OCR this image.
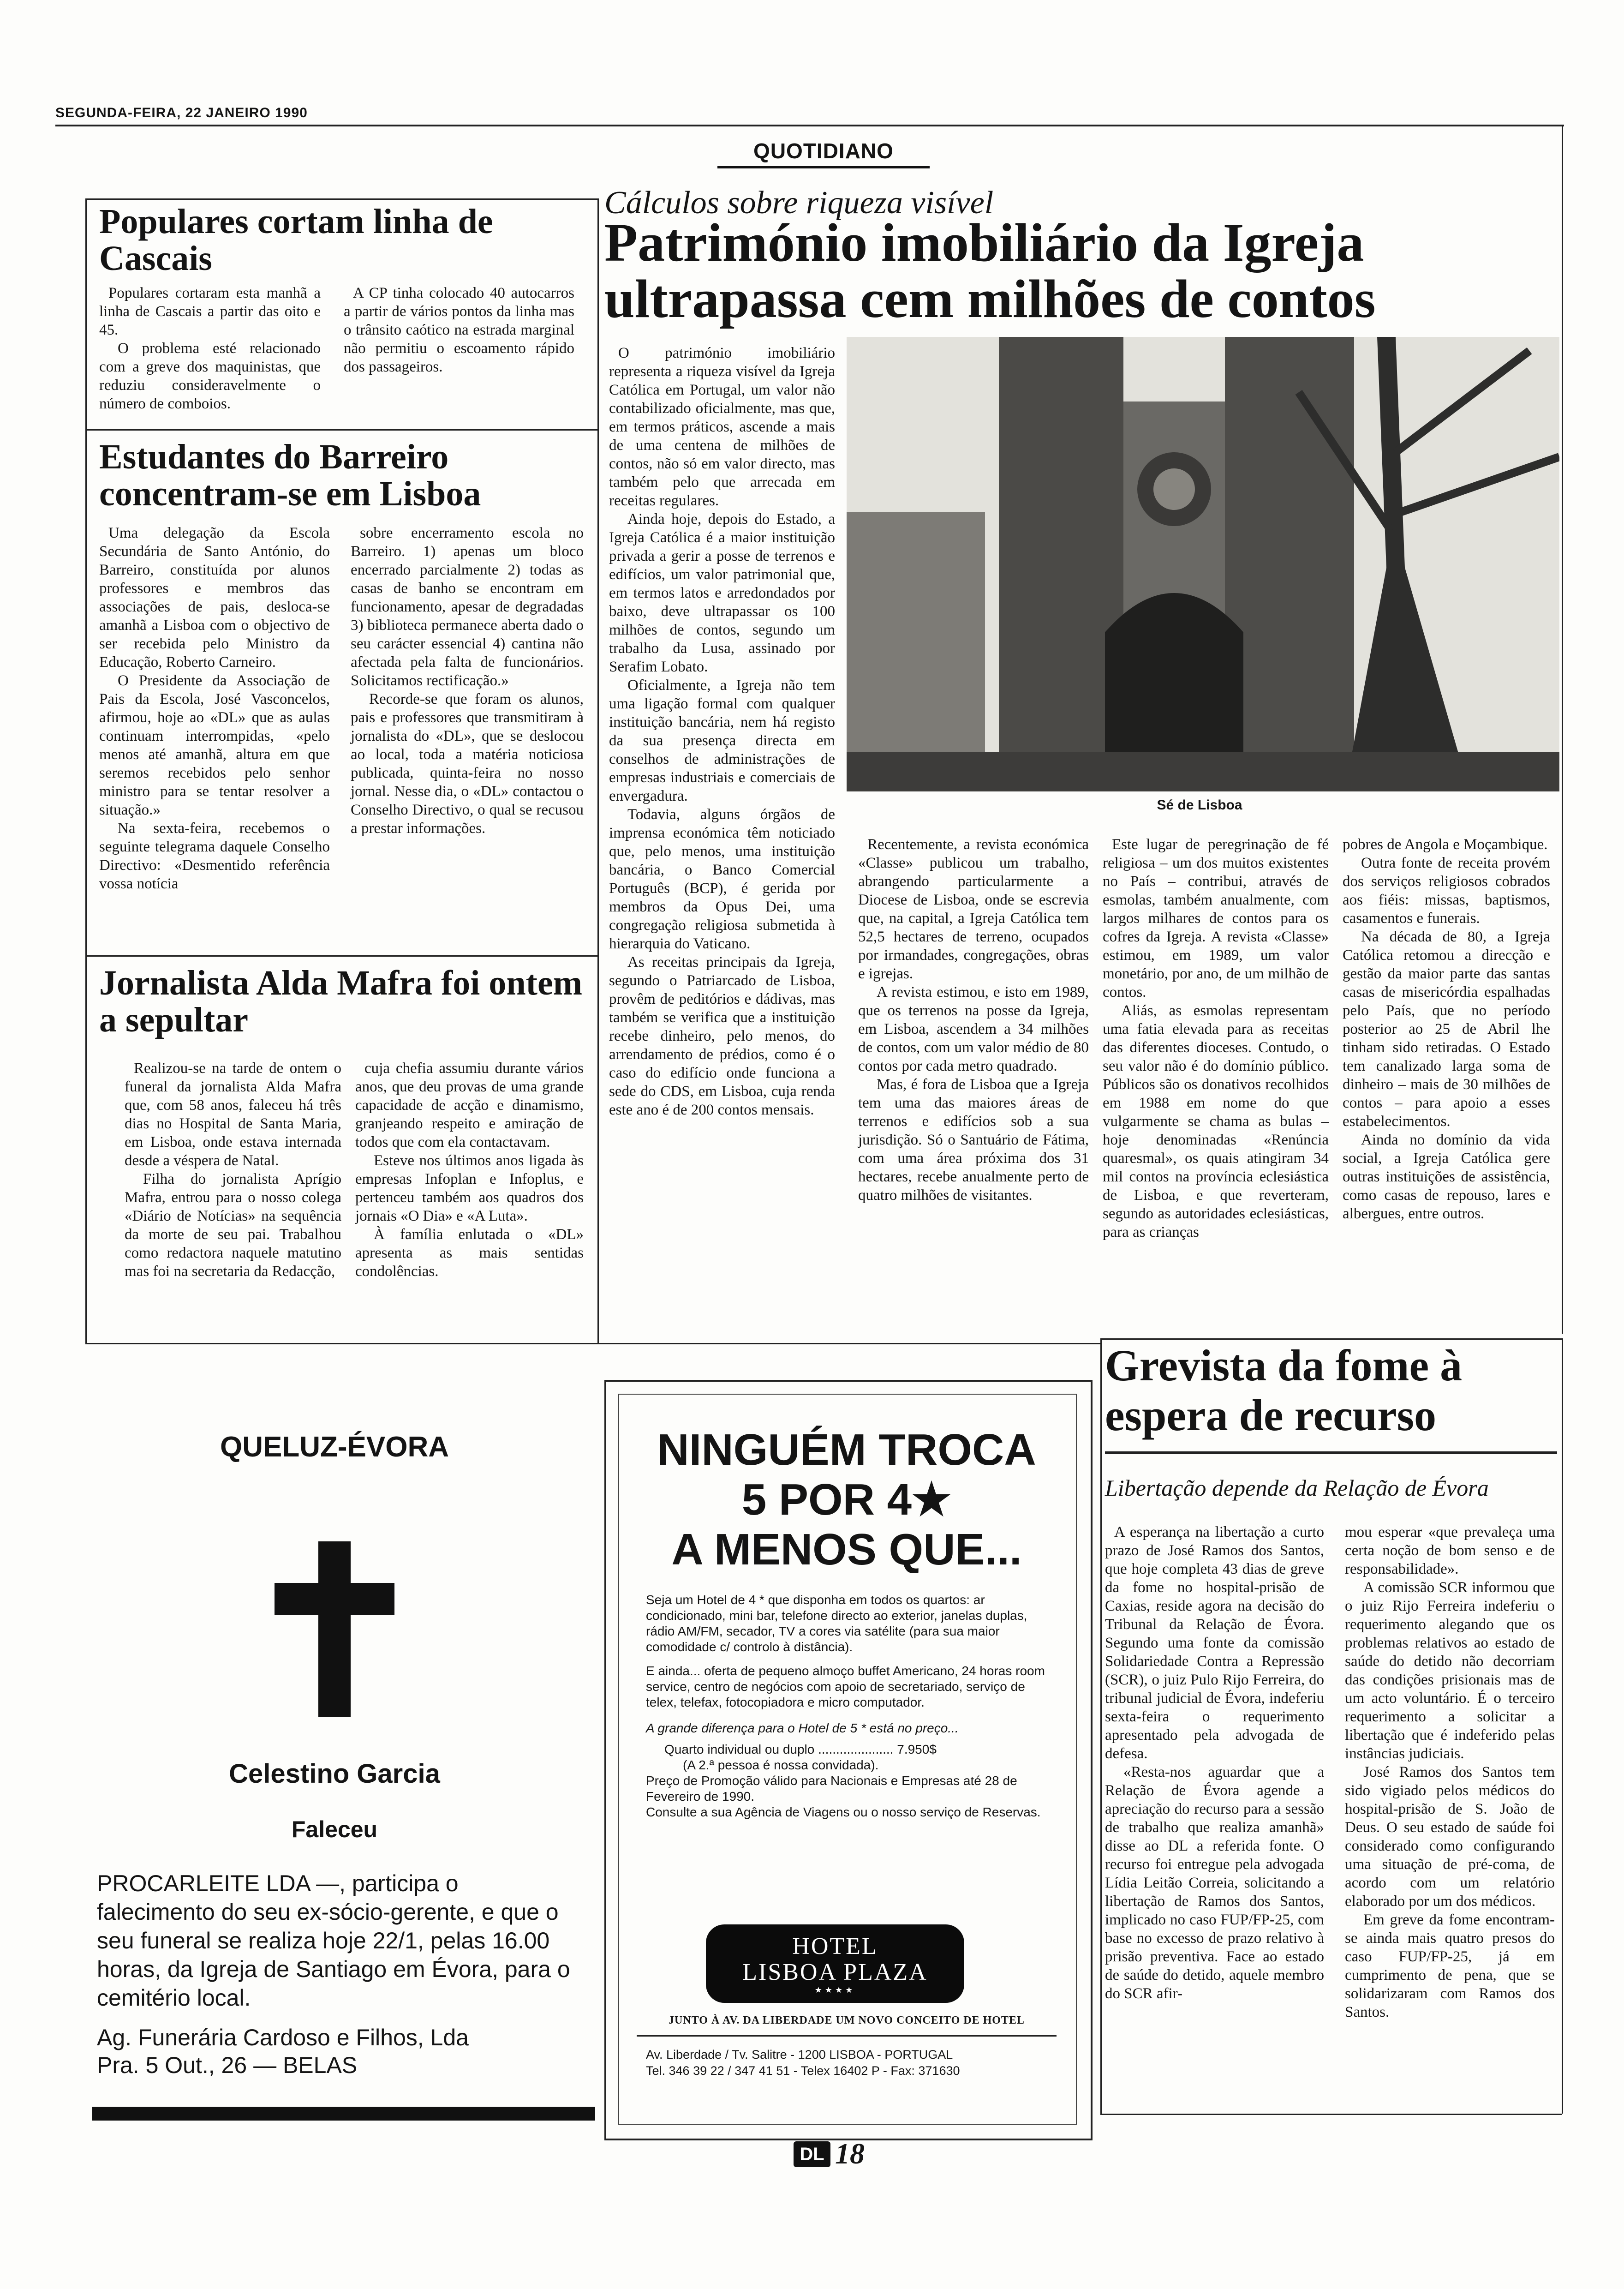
SEGUNDA-FEIRA, 22 JANEIRO 1990
QUOTIDIANO
Populares cortam linha de Cascais

Populares cortaram esta manhã a linha de Cascais a partir das oito e 45.

O problema esté relacionado com a greve dos maquinistas, que reduziu consideravelmente o número de comboios.

A CP tinha colocado 40 autocarros a partir de vários pontos da linha mas o trânsito caótico na estrada marginal não permitiu o escoamento rápido dos passageiros.

Estudantes do Barreiro concentram-se em Lisboa

Uma delegação da Escola Secundária de Santo António, do Barreiro, constituída por alunos professores e membros das associações de pais, desloca-se amanhã a Lisboa com o objectivo de ser recebida pelo Ministro da Educação, Roberto Carneiro.

O Presidente da Associação de Pais da Escola, José Vasconcelos, afirmou, hoje ao «DL» que as aulas continuam interrompidas, «pelo menos até amanhã, altura em que seremos recebidos pelo senhor ministro para se tentar resolver a situação.»

Na sexta-feira, recebemos o seguinte telegrama daquele Conselho Directivo: «Desmentido referência vossa notícia

sobre encerramento escola no Barreiro. 1) apenas um bloco encerrado parcialmente 2) todas as casas de banho se encontram em funcionamento, apesar de degradadas 3) biblioteca permanece aberta dado o seu carácter essencial 4) cantina não afectada pela falta de funcionários. Solicitamos rectificação.»

Recorde-se que foram os alunos, pais e professores que transmitiram à jornalista do «DL», que se deslocou ao local, toda a matéria noticiosa publicada, quinta-feira no nosso jornal. Nesse dia, o «DL» contactou o Conselho Directivo, o qual se recusou a prestar informações.

Jornalista Alda Mafra foi ontem a sepultar

Realizou-se na tarde de ontem o funeral da jornalista Alda Mafra que, com 58 anos, faleceu há três dias no Hospital de Santa Maria, em Lisboa, onde estava internada desde a véspera de Natal.

Filha do jornalista Aprígio Mafra, entrou para o nosso colega «Diário de Notícias» na sequência da morte de seu pai. Trabalhou como redactora naquele matutino mas foi na secretaria da Redacção,

cuja chefia assumiu durante vários anos, que deu provas de uma grande capacidade de acção e dinamismo, granjeando respeito e amiração de todos que com ela contactavam.

Esteve nos últimos anos ligada às empresas Infoplan e Infoplus, e pertenceu também aos quadros dos jornais «O Dia» e «A Luta».

À família enlutada o «DL» apresenta as mais sentidas condolências.

Cálculos sobre riqueza visível
Património imobiliário da Igreja ultrapassa cem milhões de contos

O património imobiliário representa a riqueza visível da Igreja Católica em Portugal, um valor não contabilizado oficialmente, mas que, em termos práticos, ascende a mais de uma centena de milhões de contos, não só em valor directo, mas também pelo que arrecada em receitas regulares.

Ainda hoje, depois do Estado, a Igreja Católica é a maior instituição privada a gerir a posse de terrenos e edifícios, um valor patrimonial que, em termos latos e arredondados por baixo, deve ultrapassar os 100 milhões de contos, segundo um trabalho da Lusa, assinado por Serafim Lobato.

Oficialmente, a Igreja não tem uma ligação formal com qualquer instituição bancária, nem há registo da sua presença directa em conselhos de administrações de empresas industriais e comerciais de envergadura.

Todavia, alguns órgãos de imprensa económica têm noticiado que, pelo menos, uma instituição bancária, o Banco Comercial Português (BCP), é gerida por membros da Opus Dei, uma congregação religiosa submetida à hierarquia do Vaticano.

As receitas principais da Igreja, segundo o Patriarcado de Lisboa, provêm de peditórios e dádivas, mas também se verifica que a instituição recebe dinheiro, pelo menos, do arrendamento de prédios, como é o caso do edifício onde funciona a sede do CDS, em Lisboa, cuja renda este ano é de 200 contos mensais.

Sé de Lisboa

Recentemente, a revista económica «Classe» publicou um trabalho, abrangendo particularmente a Diocese de Lisboa, onde se escrevia que, na capital, a Igreja Católica tem 52,5 hectares de terreno, ocupados por irmandades, congregações, obras e igrejas.

A revista estimou, e isto em 1989, que os terrenos na posse da Igreja, em Lisboa, ascendem a 34 milhões de contos, com um valor médio de 80 contos por cada metro quadrado.

Mas, é fora de Lisboa que a Igreja tem uma das maiores áreas de terrenos e edifícios sob a sua jurisdição. Só o Santuário de Fátima, com uma área próxima dos 31 hectares, recebe anualmente perto de quatro milhões de visitantes.

Este lugar de peregrinação de fé religiosa – um dos muitos existentes no País – contribui, através de esmolas, também anualmente, com largos milhares de contos para os cofres da Igreja. A revista «Classe» estimou, em 1989, um valor monetário, por ano, de um milhão de contos.

Aliás, as esmolas representam uma fatia elevada para as receitas das diferentes dioceses. Contudo, o seu valor não é do domínio público. Públicos são os donativos recolhidos em 1988 em nome do que vulgarmente se chama as bulas – hoje denominadas «Renúncia quaresmal», os quais atingiram 34 mil contos na província eclesiástica de Lisboa, e que reverteram, segundo as autoridades eclesiásticas, para as crianças

pobres de Angola e Moçambique.

Outra fonte de receita provém dos serviços religiosos cobrados aos fiéis: missas, baptismos, casamentos e funerais.

Na década de 80, a Igreja Católica retomou a direcção e gestão da maior parte das santas casas de misericórdia espalhadas pelo País, que no período posterior ao 25 de Abril lhe tinham sido retiradas. O Estado tem canalizado larga soma de dinheiro – mais de 30 milhões de contos – para apoio a esses estabelecimentos.

Ainda no domínio da vida social, a Igreja Católica gere outras instituições de assistência, como casas de repouso, lares e albergues, entre outros.

QUELUZ-ÉVORA
Celestino Garcia
Faleceu
PROCARLEITE LDA —, participa o falecimento do seu ex-sócio-gerente, e que o seu funeral se realiza hoje 22/1, pelas 16.00 horas, da Igreja de Santiago em Évora, para o cemitério local.
Ag. Funerária Cardoso e Filhos, Lda
Pra. 5 Out., 26 — BELAS
NINGUÉM TROCA
5 POR 4★
A MENOS QUE...
Seja um Hotel de 4 * que disponha em todos os quartos: ar condicionado, mini bar, telefone directo ao exterior, janelas duplas, rádio AM/FM, secador, TV a cores via satélite (para sua maior comodidade c/ controlo à distância).
E ainda... oferta de pequeno almoço buffet Americano, 24 horas room service, centro de negócios com apoio de secretariado, serviço de telex, telefax, fotocopiadora e micro computador.
A grande diferença para o Hotel de 5 * está no preço...
Quarto individual ou duplo ..................... 7.950$
(A 2.ª pessoa é nossa convidada).
Preço de Promoção válido para Nacionais e Empresas até 28 de Fevereiro de 1990.
Consulte a sua Agência de Viagens ou o nosso serviço de Reservas.
HOTEL
LISBOA PLAZA
★★★★
JUNTO À AV. DA LIBERDADE UM NOVO CONCEITO DE HOTEL
Av. Liberdade / Tv. Salitre - 1200 LISBOA - PORTUGAL
Tel. 346 39 22 / 347 41 51 - Telex 16402 P - Fax: 371630
Grevista da fome à espera de recurso
Libertação depende da Relação de Évora

A esperança na libertação a curto prazo de José Ramos dos Santos, que hoje completa 43 dias de greve da fome no hospital-prisão de Caxias, reside agora na decisão do Tribunal da Relação de Évora. Segundo uma fonte da comissão Solidariedade Contra a Repressão (SCR), o juiz Pulo Rijo Ferreira, do tribunal judicial de Évora, indeferiu sexta-feira o requerimento apresentado pela advogada de defesa.

«Resta-nos aguardar que a Relação de Évora agende a apreciação do recurso para a sessão de trabalho que realiza amanhã» disse ao DL a referida fonte. O recurso foi entregue pela advogada Lídia Leitão Correia, solicitando a libertação de Ramos dos Santos, implicado no caso FUP/FP-25, com base no excesso de prazo relativo à prisão preventiva. Face ao estado de saúde do detido, aquele membro do SCR afir-

mou esperar «que prevaleça uma certa noção de bom senso e de responsabilidade».

A comissão SCR informou que o juiz Rijo Ferreira indeferiu o requerimento alegando que os problemas relativos ao estado de saúde do detido não decorriam das condições prisionais mas de um acto voluntário. É o terceiro requerimento a solicitar a libertação que é indeferido pelas instâncias judiciais.

José Ramos dos Santos tem sido vigiado pelos médicos do hospital-prisão de S. João de Deus. O seu estado de saúde foi considerado como configurando uma situação de pré-coma, de acordo com um relatório elaborado por um dos médicos.

Em greve da fome encontram-se ainda mais quatro presos do caso FUP/FP-25, já em cumprimento de pena, que se solidarizaram com Ramos dos Santos.

DL 18
